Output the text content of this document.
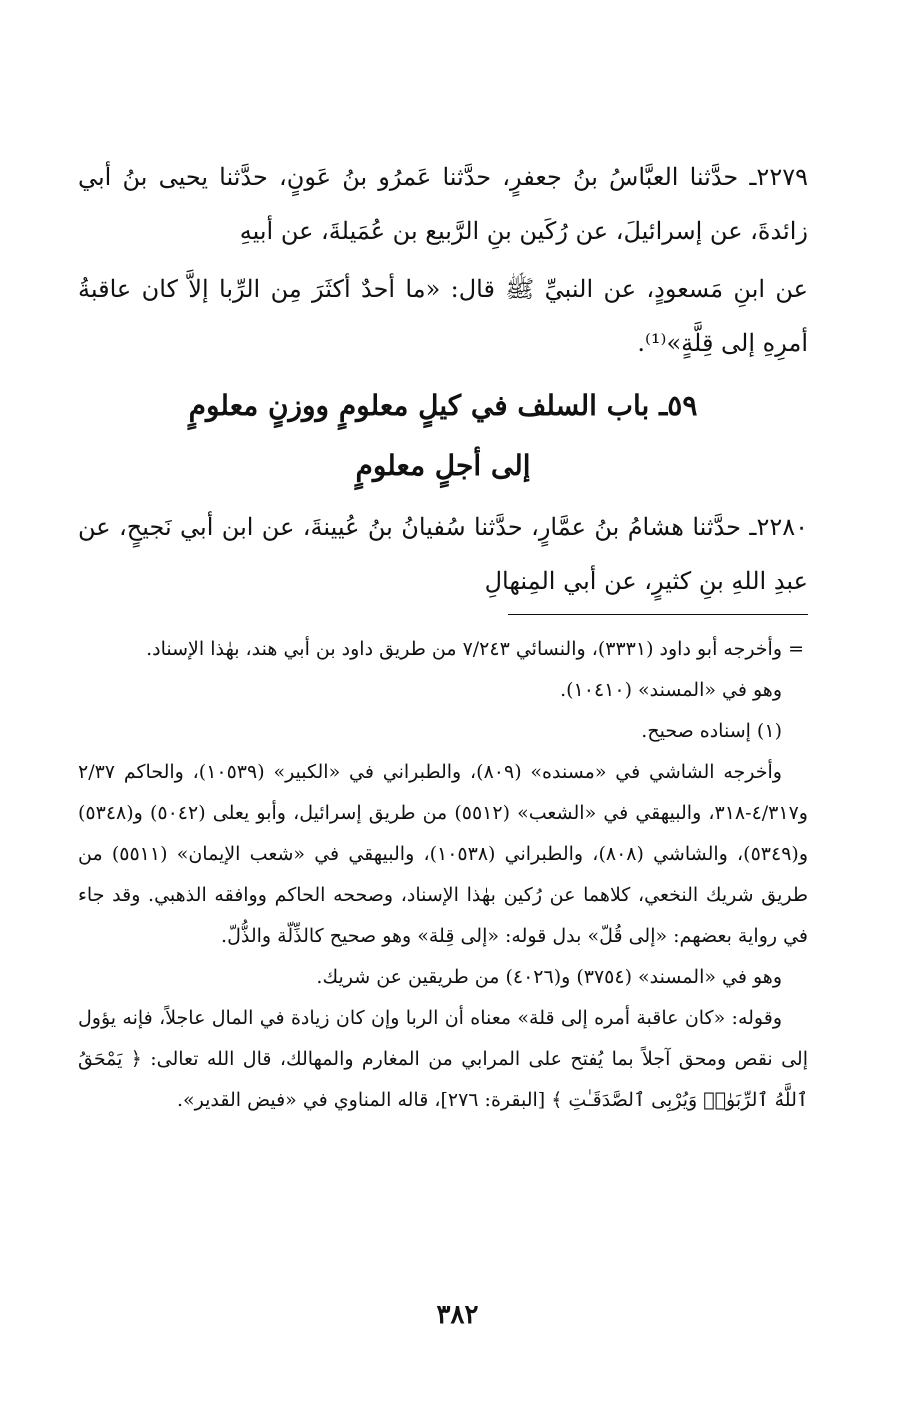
٢٢٧٩ـ حدَّثنا العبَّاسُ بنُ جعفرٍ، حدَّثنا عَمرُو بنُ عَونٍ، حدَّثنا يحيى بنُ أبي زائدةَ، عن إسرائيلَ، عن رُكَين بنِ الرَّبيع بن عُمَيلةَ، عن أبيهِ

عن ابنِ مَسعودٍ، عن النبيِّ ﷺ قال: «ما أحدٌ أكثَرَ مِن الرِّبا إلاَّ كان عاقبةُ أمرِهِ إلى قِلَّةٍ»⁽¹⁾.

٥٩ـ باب السلف في كيلٍ معلومٍ ووزنٍ معلومٍ

إلى أجلٍ معلومٍ

٢٢٨٠ـ حدَّثنا هشامُ بنُ عمَّارٍ، حدَّثنا سُفيانُ بنُ عُيينةَ، عن ابن أبي نَجيحٍ، عن عبدِ اللهِ بنِ كثيرٍ، عن أبي المِنهالِ

=
وأخرجه أبو داود (٣٣٣١)، والنسائي ٧/٢٤٣ من طريق داود بن أبي هند، بهٰذا الإسناد.

وهو في «المسند» (١٠٤١٠).

(١) إسناده صحيح.

وأخرجه الشاشي في «مسنده» (٨٠٩)، والطبراني في «الكبير» (١٠٥٣٩)، والحاكم ٢/٣٧ و٤/٣١٧-٣١٨، والبيهقي في «الشعب» (٥٥١٢) من طريق إسرائيل، وأبو يعلى (٥٠٤٢) و(٥٣٤٨) و(٥٣٤٩)، والشاشي (٨٠٨)، والطبراني (١٠٥٣٨)، والبيهقي في «شعب الإيمان» (٥٥١١) من طريق شريك النخعي، كلاهما عن رُكين بهٰذا الإسناد، وصححه الحاكم ووافقه الذهبي. وقد جاء في رواية بعضهم: «إلى قُلّ» بدل قوله: «إلى قِلة» وهو صحيح كالذِّلّة والذُّلّ.

وهو في «المسند» (٣٧٥٤) و(٤٠٢٦) من طريقين عن شريك.

وقوله: «كان عاقبة أمره إلى قلة» معناه أن الربا وإن كان زيادة في المال عاجلاً، فإنه يؤول إلى نقص ومحق آجلاً بما يُفتح على المرابي من المغارم والمهالك، قال الله تعالى: ﴿ يَمْحَقُ ٱللَّهُ ٱلرِّبَوٰا۟ وَيُرْبِى ٱلصَّدَقَـٰتِ ﴾ [البقرة: ٢٧٦]، قاله المناوي في «فيض القدير».

٣٨٢
